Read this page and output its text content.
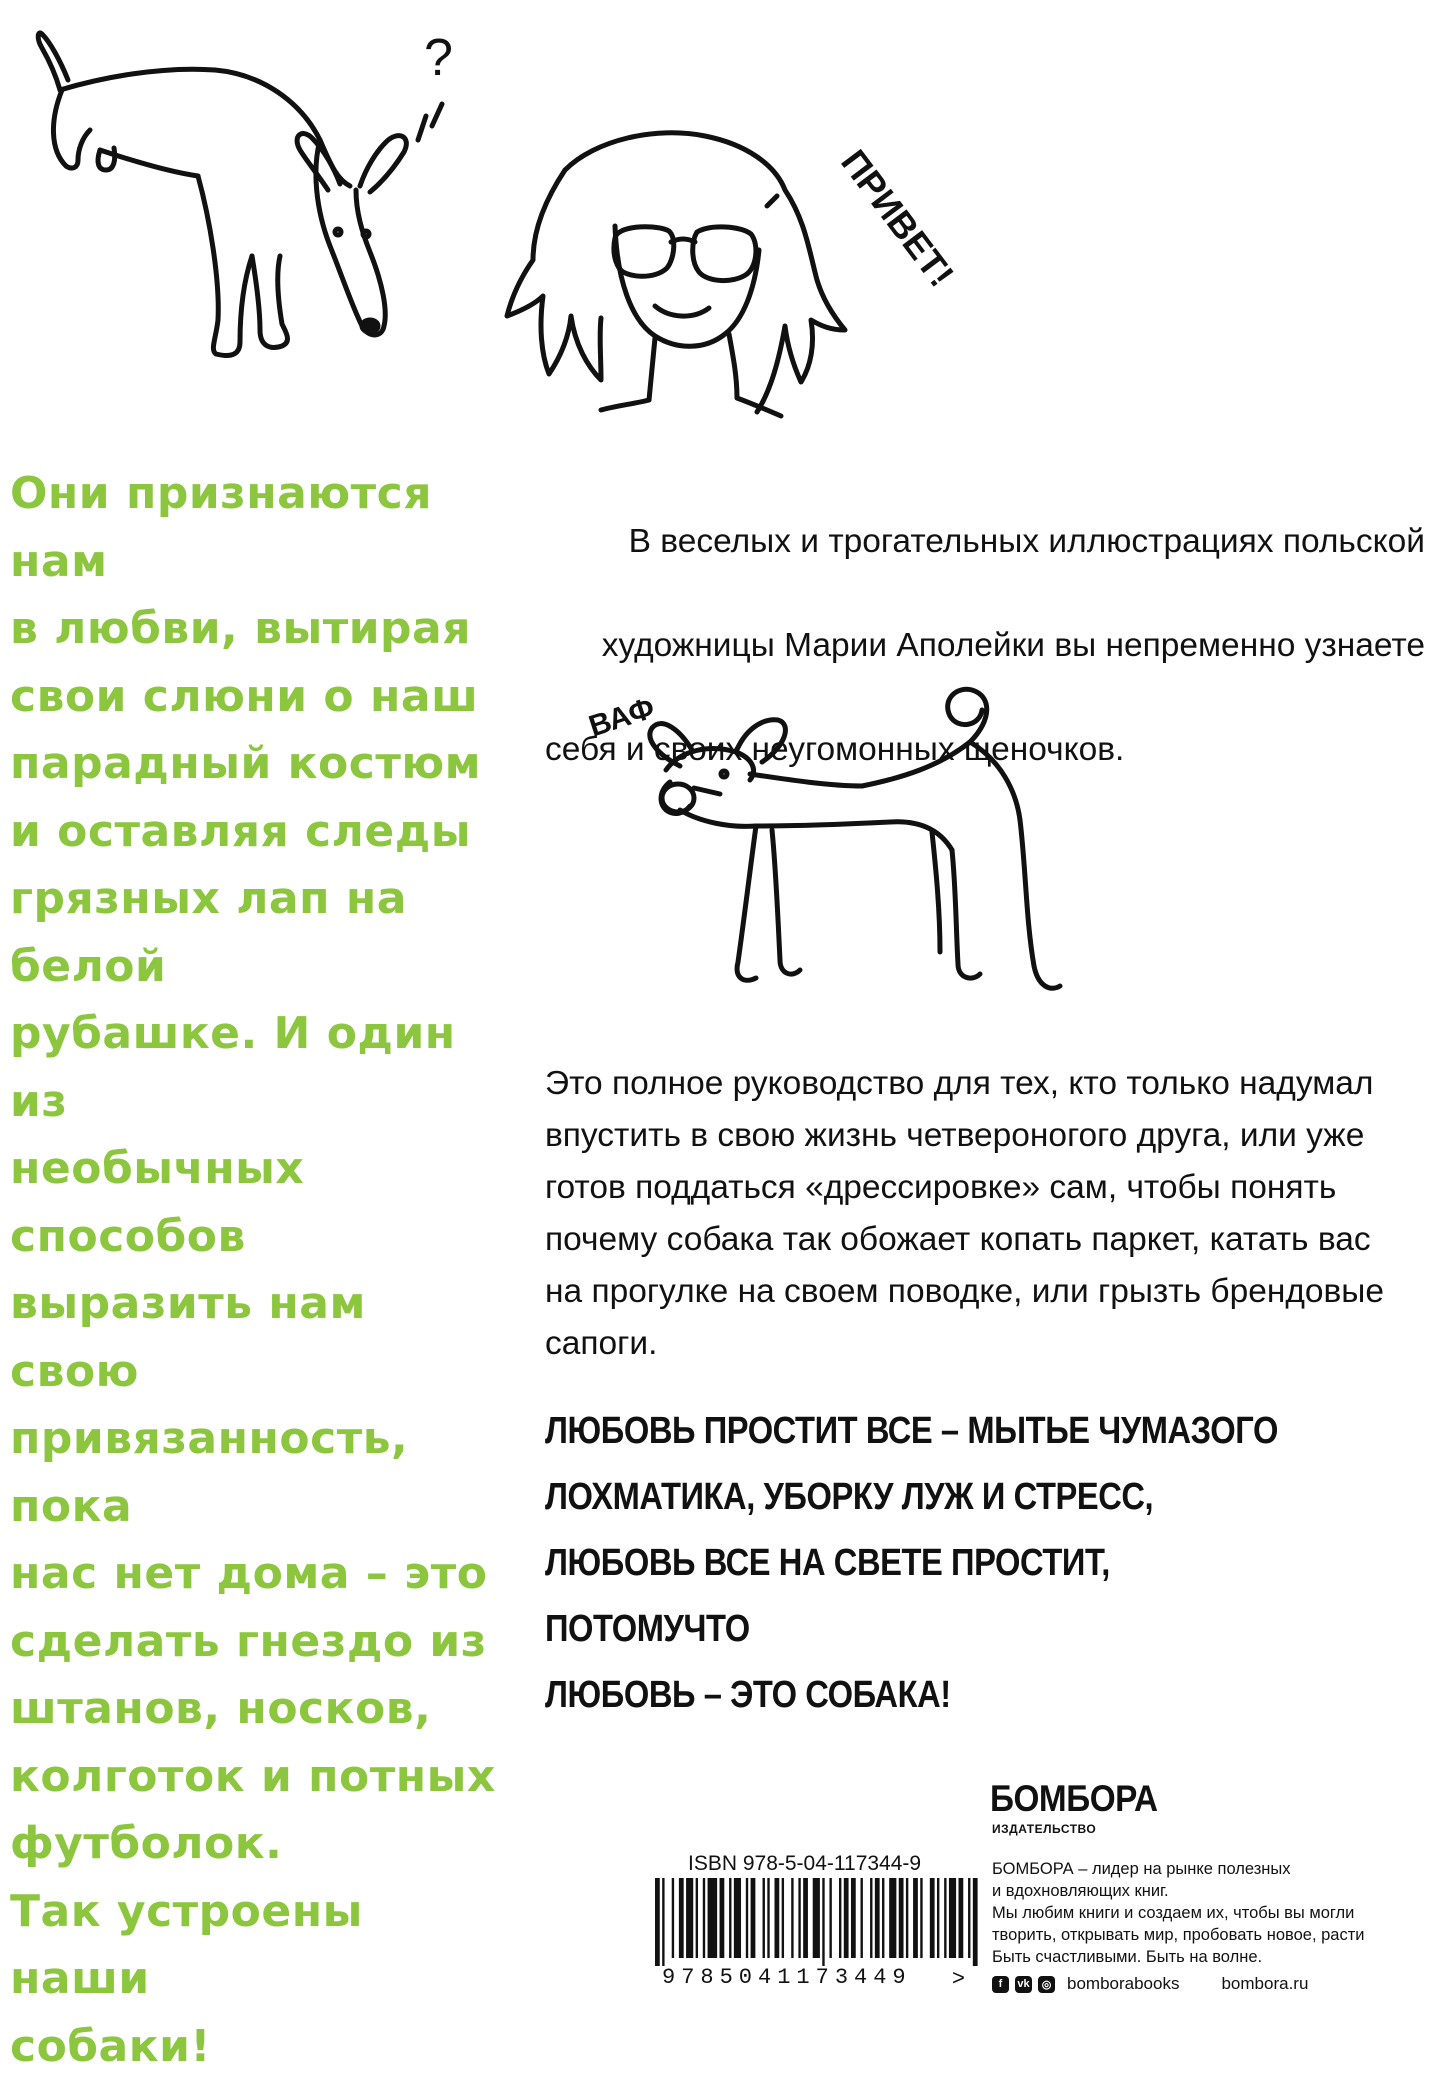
?
ПРИВЕТ!
ВАФ
Они признаются нам
в любви, вытирая
свои слюни о наш
парадный костюм
и оставляя следы
грязных лап на белой
рубашке. И один из
необычных способов
выразить нам свою
привязанность, пока
нас нет дома – это
сделать гнездо из
штанов, носков,
колготок и потных
футболок.
Так устроены наши
собаки!

В веселых и трогательных иллюстрациях польской

художницы Марии Аполейки вы непременно узнаете

себя и своих неугомонных щеночков.

Это полное руководство для тех, кто только надумал
впустить в свою жизнь четвероногого друга, или уже
готов поддаться «дрессировке» сам, чтобы понять
почему собака так обожает копать паркет, катать вас
на прогулке на своем поводке, или грызть брендовые
сапоги.
ЛЮБОВЬ ПРОСТИТ ВСЕ – МЫТЬЕ ЧУМАЗОГО
ЛОХМАТИКА, УБОРКУ ЛУЖ И СТРЕСС,
ЛЮБОВЬ ВСЕ НА СВЕТЕ ПРОСТИТ, ПОТОМУЧТО
ЛЮБОВЬ – ЭТО СОБАКА!
ISBN 978-5-04-117344-9
9785041173449 >
БОМБОРА
ИЗДАТЕЛЬСТВО
БОМБОРА – лидер на рынке полезных
и вдохновляющих книг.
Мы любим книги и создаем их, чтобы вы могли
творить, открывать мир, пробовать новое, расти
Быть счастливыми. Быть на волне.
f	vk	◎ bomborabooks bombora.ru
